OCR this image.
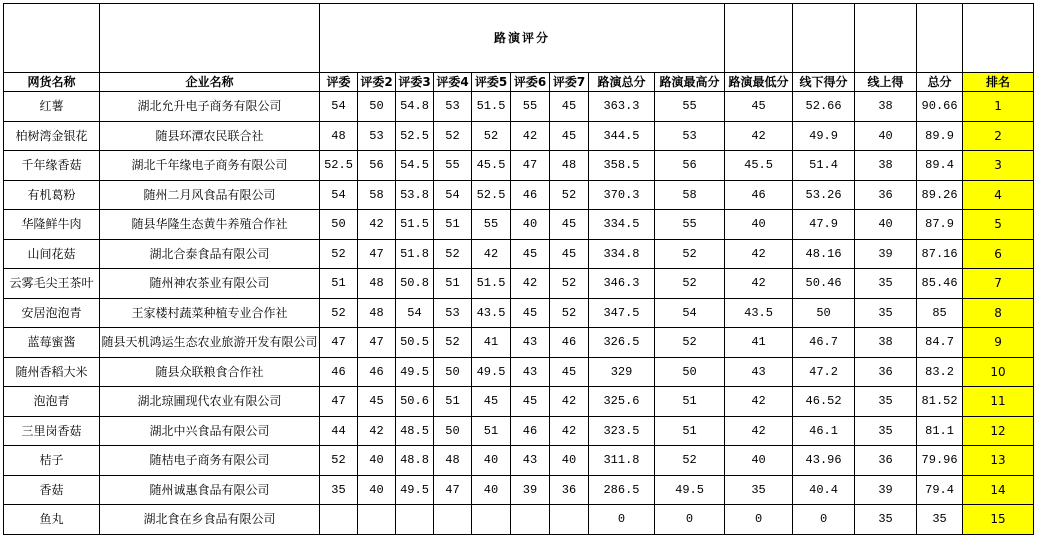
		路演评分													
网货名称	企业名称	评委	评委2	评委3	评委4	评委5	评委6	评委7	路演总分	路演最高分	路演最低分	线下得分	线上得	总分	排名
红薯	湖北允升电子商务有限公司	54	50	54.8	53	51.5	55	45	363.3	55	45	52.66	38	90.66	1
柏树湾金银花	随县环潭农民联合社	48	53	52.5	52	52	42	45	344.5	53	42	49.9	40	89.9	2
千年缘香菇	湖北千年缘电子商务有限公司	52.5	56	54.5	55	45.5	47	48	358.5	56	45.5	51.4	38	89.4	3
有机葛粉	随州二月风食品有限公司	54	58	53.8	54	52.5	46	52	370.3	58	46	53.26	36	89.26	4
华隆鲜牛肉	随县华隆生态黄牛养殖合作社	50	42	51.5	51	55	40	45	334.5	55	40	47.9	40	87.9	5
山间花菇	湖北合泰食品有限公司	52	47	51.8	52	42	45	45	334.8	52	42	48.16	39	87.16	6
云雾毛尖王茶叶	随州神农茶业有限公司	51	48	50.8	51	51.5	42	52	346.3	52	42	50.46	35	85.46	7
安居泡泡青	王家楼村蔬菜种植专业合作社	52	48	54	53	43.5	45	52	347.5	54	43.5	50	35	85	8
蓝莓蜜酱	随县天机鸿运生态农业旅游开发有限公司	47	47	50.5	52	41	43	46	326.5	52	41	46.7	38	84.7	9
随州香稻大米	随县众联粮食合作社	46	46	49.5	50	49.5	43	45	329	50	43	47.2	36	83.2	10
泡泡青	湖北琼圃现代农业有限公司	47	45	50.6	51	45	45	42	325.6	51	42	46.52	35	81.52	11
三里岗香菇	湖北中兴食品有限公司	44	42	48.5	50	51	46	42	323.5	51	42	46.1	35	81.1	12
桔子	随桔电子商务有限公司	52	40	48.8	48	40	43	40	311.8	52	40	43.96	36	79.96	13
香菇	随州诚惠食品有限公司	35	40	49.5	47	40	39	36	286.5	49.5	35	40.4	39	79.4	14
鱼丸	湖北食在乡食品有限公司								0	0	0	0	35	35	15
